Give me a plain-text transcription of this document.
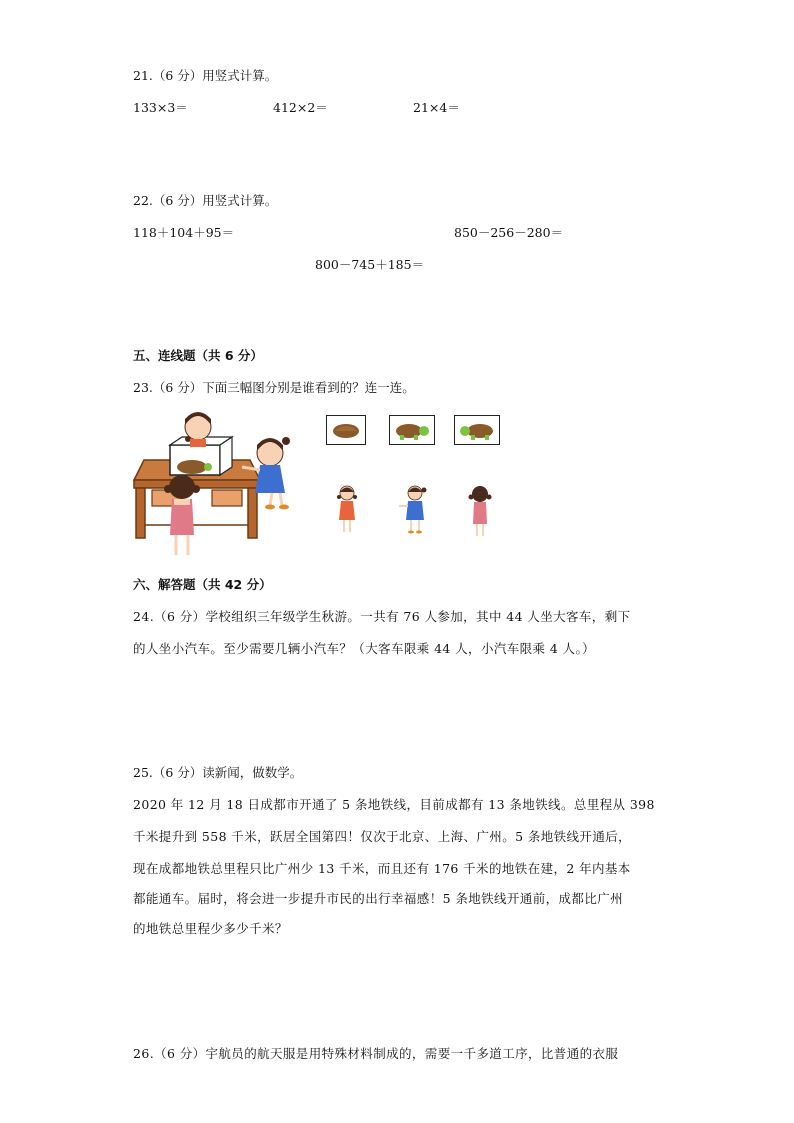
21.（6 分）用竖式计算。
133×3＝	412×2＝	21×4＝
22.（6 分）用竖式计算。
118＋104＋95＝	850－256－280＝
800－745＋185＝
五、连线题（共 6 分）
23.（6 分）下面三幅图分别是谁看到的？连一连。
六、解答题（共 42 分）
24.（6 分）学校组织三年级学生秋游。一共有 76 人参加，其中 44 人坐大客车，剩下
的人坐小汽车。至少需要几辆小汽车？（大客车限乘 44 人，小汽车限乘 4 人。）
25.（6 分）读新闻，做数学。
2020 年 12 月 18 日成都市开通了 5 条地铁线，目前成都有 13 条地铁线。总里程从 398
千米提升到 558 千米，跃居全国第四！仅次于北京、上海、广州。5 条地铁线开通后，
现在成都地铁总里程只比广州少 13 千米，而且还有 176 千米的地铁在建，2 年内基本
都能通车。届时，将会进一步提升市民的出行幸福感！5 条地铁线开通前，成都比广州
的地铁总里程少多少千米？
26.（6 分）宇航员的航天服是用特殊材料制成的，需要一千多道工序，比普通的衣服
